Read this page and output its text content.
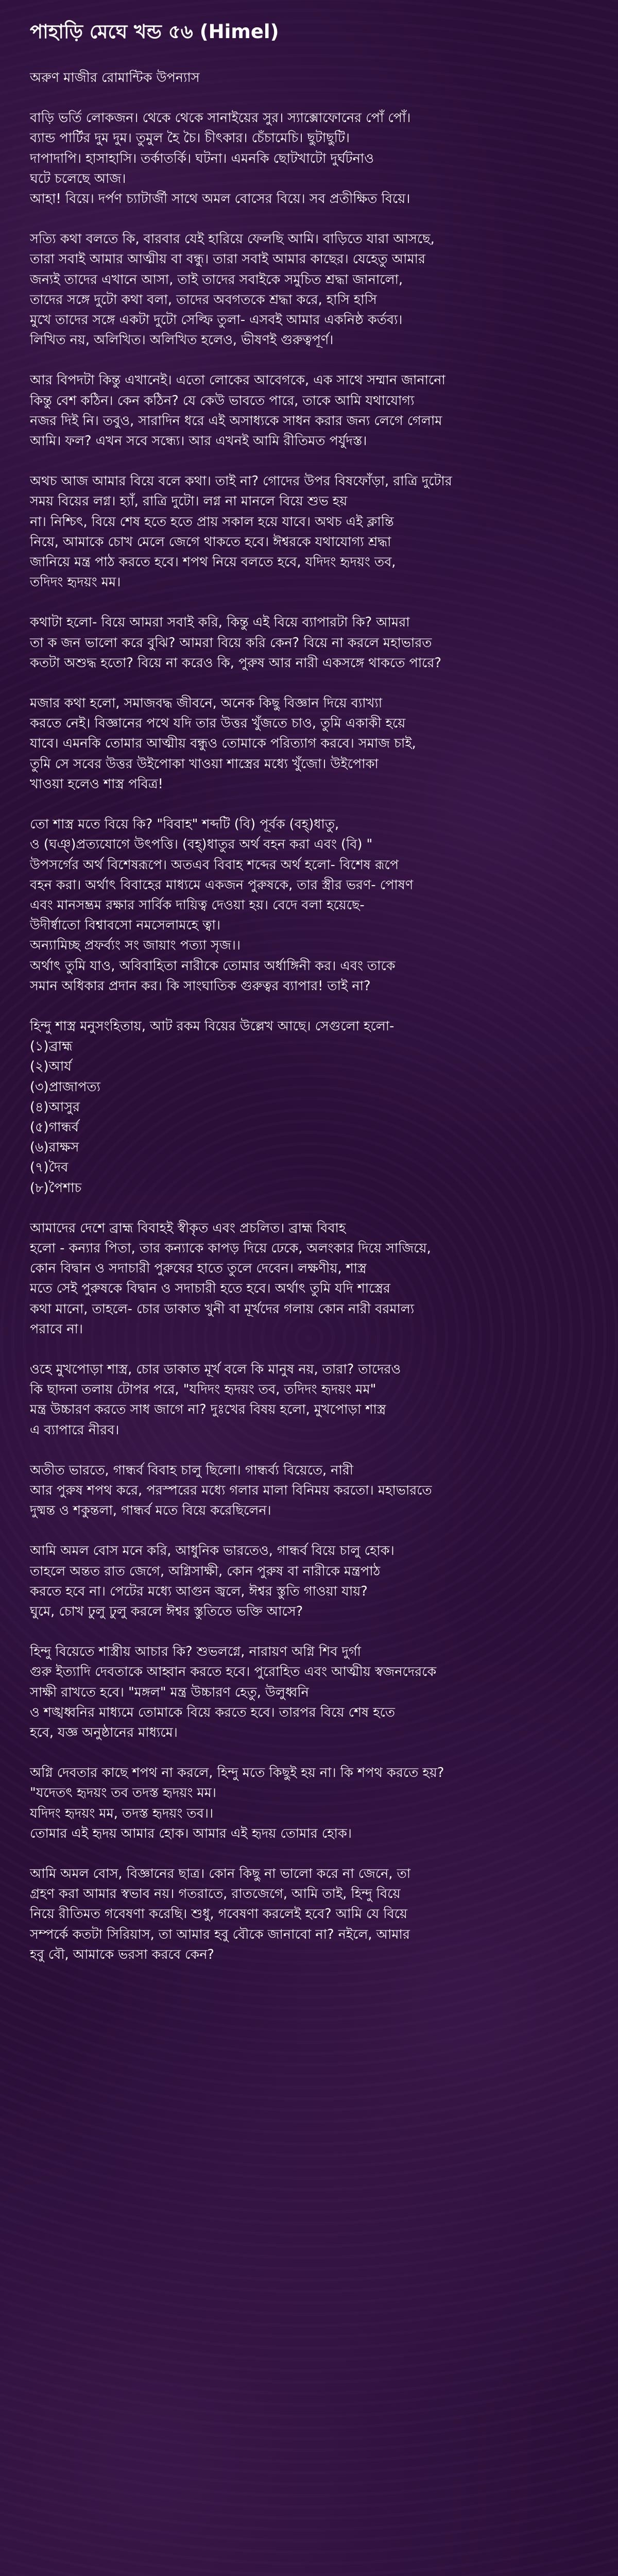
পাহাড়ি মেঘে খন্ড ৫৬ (Himel)
অরুণ মাজীর রোমান্টিক উপন্যাস
বাড়ি ভর্তি লোকজন। থেকে থেকে সানাইয়ের সুর। স্যাক্সোফোনের পোঁ পোঁ।
ব্যান্ড পার্টির দুম দুম। তুমুল হৈ চৈ। চীৎকার। চেঁচামেচি। ছুটাছুটি।
দাপাদাপি। হাসাহাসি। তর্কাতর্কি। ঘটনা। এমনকি ছোটখাটো দুর্ঘটনাও
ঘটে চলেছে আজ।
আহা! বিয়ে। দর্পণ চ্যাটার্জী সাথে অমল বোসের বিয়ে। সব প্রতীক্ষিত বিয়ে।
সত্যি কথা বলতে কি, বারবার যেই হারিয়ে ফেলছি আমি। বাড়িতে যারা আসছে,
তারা সবাই আমার আত্মীয় বা বন্ধু। তারা সবাই আমার কাছের। যেহেতু আমার
জন্যই তাদের এখানে আসা, তাই তাদের সবাইকে সমুচিত শ্রদ্ধা জানালো,
তাদের সঙ্গে দুটো কথা বলা, তাদের অবগতকে শ্রদ্ধা করে, হাসি হাসি
মুখে তাদের সঙ্গে একটা দুটো সেল্ফি তুলা- এসবই আমার একনিষ্ঠ কর্তব্য।
লিখিত নয়, অলিখিত। অলিখিত হলেও, ভীষণই গুরুত্বপূর্ণ।
আর বিপদটা কিন্তু এখানেই। এতো লোকের আবেগকে, এক সাথে সম্মান জানানো
কিন্তু বেশ কঠিন। কেন কঠিন? যে কেউ ভাবতে পারে, তাকে আমি যথাযোগ্য
নজর দিই নি। তবুও, সারাদিন ধরে এই অসাধ্যকে সাধন করার জন্য লেগে গেলাম
আমি। ফল? এখন সবে সন্ধ্যে। আর এখনই আমি রীতিমত পর্যুদস্ত।
অথচ আজ আমার বিয়ে বলে কথা। তাই না? গোদের উপর বিষফোঁড়া, রাত্রি দুটোর
সময় বিয়ের লগ্ন। হ্যাঁ, রাত্রি দুটো। লগ্ন না মানলে বিয়ে শুভ হয়
না। নিশ্চিৎ, বিয়ে শেষ হতে হতে প্রায় সকাল হয়ে যাবে। অথচ এই ক্লান্তি
নিয়ে, আমাকে চোখ মেলে জেগে থাকতে হবে। ঈশ্বরকে যথাযোগ্য শ্রদ্ধা
জানিয়ে মন্ত্র পাঠ করতে হবে। শপথ নিয়ে বলতে হবে, যদিদং হৃদয়ং তব,
তদিদং হৃদয়ং মম।
কথাটা হলো- বিয়ে আমরা সবাই করি, কিন্তু এই বিয়ে ব্যাপারটা কি? আমরা
তা ক জন ভালো করে বুঝি? আমরা বিয়ে করি কেন? বিয়ে না করলে মহাভারত
কতটা অশুদ্ধ হতো? বিয়ে না করেও কি, পুরুষ আর নারী একসঙ্গে থাকতে পারে?
মজার কথা হলো, সমাজবদ্ধ জীবনে, অনেক কিছু বিজ্ঞান দিয়ে ব্যাখ্যা
করতে নেই। বিজ্ঞানের পথে যদি তার উত্তর খুঁজতে চাও, তুমি একাকী হয়ে
যাবে। এমনকি তোমার আত্মীয় বন্ধুও তোমাকে পরিত্যাগ করবে। সমাজ চাই,
তুমি সে সবের উত্তর উইপোকা খাওয়া শাস্ত্রের মধ্যে খুঁজো। উইপোকা
খাওয়া হলেও শাস্ত্র পবিত্র!
তো শাস্ত্র মতে বিয়ে কি? "বিবাহ" শব্দটি (বি) পূর্বক (বহ্)ধাতু,
ও (ঘঞ্)প্রত্যযোগে উৎপত্তি। (বহ্)ধাতুর অর্থ বহন করা এবং (বি) "
উপসর্গের অর্থ বিশেষরূপে। অতএব বিবাহ শব্দের অর্থ হলো- বিশেষ রূপে
বহন করা। অর্থাৎ বিবাহের মাধ্যমে একজন পুরুষকে, তার স্ত্রীর ভরণ- পোষণ
এবং মানসম্ভ্রম রক্ষার সার্বিক দায়িত্ব দেওয়া হয়। বেদে বলা হয়েছে-
উদীর্ষ্বাতো বিশ্বাবসো নমসেলামহে ত্বা।
অন্যামিচ্ছ প্রফর্ব্যং সং জায়াং পত্যা সৃজ।।
অর্থাৎ তুমি যাও, অবিবাহিতা নারীকে তোমার অর্ধাঙ্গিনী কর। এবং তাকে
সমান অধিকার প্রদান কর। কি সাংঘাতিক গুরুত্বর ব্যাপার! তাই না?
হিন্দু শাস্ত্র মনুসংহিতায়, আট রকম বিয়ের উল্লেখ আছে। সেগুলো হলো-
(১)ব্রাহ্ম
(২)আর্য
(৩)প্রাজাপত্য
(৪)আসুর
(৫)গান্ধর্ব
(৬)রাক্ষস
(৭)দৈব
(৮)পৈশাচ
আমাদের দেশে ব্রাহ্ম বিবাহই স্বীকৃত এবং প্রচলিত। ব্রাহ্ম বিবাহ
হলো - কন্যার পিতা, তার কন্যাকে কাপড় দিয়ে ঢেকে, অলংকার দিয়ে সাজিয়ে,
কোন বিদ্বান ও সদাচারী পুরুষের হাতে তুলে দেবেন। লক্ষণীয়, শাস্ত্র
মতে সেই পুরুষকে বিদ্বান ও সদাচারী হতে হবে। অর্থাৎ তুমি যদি শাস্ত্রের
কথা মানো, তাহলে- চোর ডাকাত খুনী বা মূর্খদের গলায় কোন নারী বরমাল্য
পরাবে না।
ওহে মুখপোড়া শাস্ত্র, চোর ডাকাত মূর্খ বলে কি মানুষ নয়, তারা? তাদেরও
কি ছাদনা তলায় টোপর পরে, "যদিদং হৃদয়ং তব, তদিদং হৃদয়ং মম"
মন্ত্র উচ্চারণ করতে সাধ জাগে না? দুঃখের বিষয় হলো, মুখপোড়া শাস্ত্র
এ ব্যাপারে নীরব।
অতীত ভারতে, গান্ধর্ব বিবাহ চালু ছিলো। গান্ধর্ব্য বিয়েতে, নারী
আর পুরুষ শপথ করে, পরস্পরের মধ্যে গলার মালা বিনিময় করতো। মহাভারতে
দুষ্মন্ত ও শকুন্তলা, গান্ধর্ব মতে বিয়ে করেছিলেন।
আমি অমল বোস মনে করি, আধুনিক ভারতেও, গান্ধর্ব বিয়ে চালু হোক।
তাহলে অন্তত রাত জেগে, অগ্নিসাক্ষী, কোন পুরুষ বা নারীকে মন্ত্রপাঠ
করতে হবে না। পেটের মধ্যে আগুন জ্বলে, ঈশ্বর স্তুতি গাওয়া যায়?
ঘুমে, চোখ ঢুলু ঢুলু করলে ঈশ্বর স্তুতিতে ভক্তি আসে?
হিন্দু বিয়েতে শাস্ত্রীয় আচার কি? শুভলগ্নে, নারায়ণ অগ্নি শিব দুর্গা
গুরু ইত্যাদি দেবতাকে আহ্বান করতে হবে। পুরোহিত এবং আত্মীয় স্বজনদেরকে
সাক্ষী রাখতে হবে। "মঙ্গল" মন্ত্র উচ্চারণ হেতু, উলুধ্বনি
ও শঙ্খধ্বনির মাধ্যমে তোমাকে বিয়ে করতে হবে। তারপর বিয়ে শেষ হতে
হবে, যজ্ঞ অনুষ্ঠানের মাধ্যমে।
অগ্নি দেবতার কাছে শপথ না করলে, হিন্দু মতে কিছুই হয় না। কি শপথ করতে হয়?
"যদেতৎ হৃদয়ং তব তদস্ত হৃদয়ং মম।
যদিদং হৃদয়ং মম, তদস্ত হৃদয়ং তব।।
তোমার এই হৃদয় আমার হোক। আমার এই হৃদয় তোমার হোক।
আমি অমল বোস, বিজ্ঞানের ছাত্র। কোন কিছু না ভালো করে না জেনে, তা
গ্রহণ করা আমার স্বভাব নয়। গতরাতে, রাতজেগে, আমি তাই, হিন্দু বিয়ে
নিয়ে রীতিমত গবেষণা করেছি। শুধু, গবেষণা করলেই হবে? আমি যে বিয়ে
সম্পর্কে কতটা সিরিয়াস, তা আমার হবু বৌকে জানাবো না? নইলে, আমার
হবু বৌ, আমাকে ভরসা করবে কেন?
